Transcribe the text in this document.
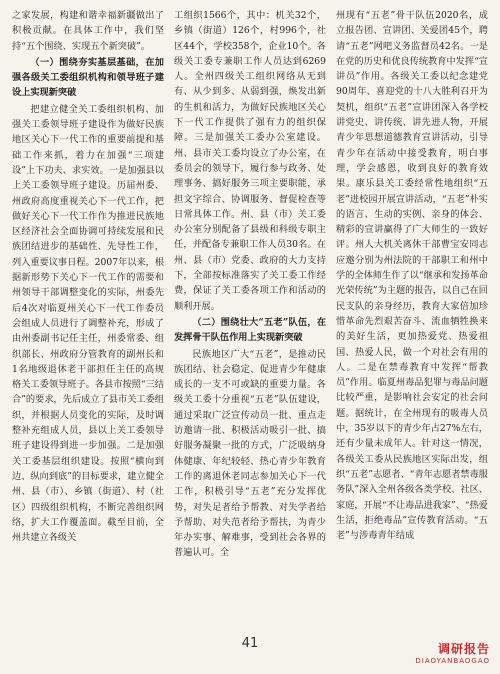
之家发展，构建和谐幸福新疆做出了积极贡献。在具体工作中，我们坚持“五个围绕、实现五个新突破”。

（一）围绕夯实基层基础，在加强各级关工委组织机构和领导班子建设上实现新突破

把建立健全关工委组织机构、加强关工委领导班子建设作为做好民族地区关心下一代工作的重要前提和基础工作来抓，着力在加强“三项建设”上下功夫、求实效。一是加强县以上关工委领导班子建设。历届州委、州政府高度重视关心下一代工作，把做好关心下一代工作作为推进民族地区经济社会全面协调可持续发展和民族团结进步的基础性、先导性工作，列入重要议事日程。2007年以来，根据新形势下关心下一代工作的需要和州领导干部调整变化的实际，州委先后4次对临夏州关心下一代工作委员会组成人员进行了调整补充，形成了由州委副书记任主任，州委常委、组织部长、州政府分管教育的副州长和1名地级退休老干部担任主任的高规格关工委领导班子。各县市按照“三结合”的要求，先后成立了县市关工委组织，并根据人员变化的实际，及时调整补充组成人员，县以上关工委领导班子建设得到进一步加强。二是加强关工委基层组织建设。按照“横向到边、纵向到底”的目标要求，建立健全州、县（市）、乡镇（街道）、村（社区）四级组织机构，不断完善组织网络，扩大工作覆盖面。截至目前，全州共建立各级关

工组织1566个，其中：机关32个，乡镇（街道）126个，村996个，社区44个，学校358个，企业10个。各级关工委专兼职工作人员达到6269人。全州四级关工组织网络从无到有、从少到多、从弱到强，焕发出新的生机和活力，为做好民族地区关心下一代工作提供了强有力的组织保障。三是加强关工委办公室建设。州、县市关工委均设立了办公室，在委员会的领导下，履行参与政务、处理事务、搞好服务三项主要职能，承担文字综合、协调服务、督促检查等日常具体工作。州、县（市）关工委办公室分别配备了县级和科级专职主任，并配备专兼职工作人员30名。在州、县（市）党委、政府的大力支持下，全部按标准落实了关工委工作经费，保证了关工委各项工作和活动的顺利开展。

（二）围绕壮大“五老”队伍，在发挥骨干队伍作用上实现新突破

民族地区广大“五老”，是推动民族团结、社会稳定、促进青少年健康成长的一支不可或缺的重要力量。各级关工委十分重视“五老”队伍建设，通过采取广泛宣传动员一批、重点走访邀请一批、积极活动吸引一批、搞好服务凝聚一批的方式，广泛吸纳身体健康、年纪较轻、热心青少年教育工作的离退休老同志参加关心下一代工作，积极引导“五老”充分发挥优势，对失足者给予帮教、对失学者给予帮助、对失范者给予帮扶，为青少年办实事、解难事，受到社会各界的普遍认可。全

州现有“五老”骨干队伍2020名，成立报告团、宣讲团、关爱团45个，聘请“五老”网吧义务监督员42名。一是在党的历史和优良传统教育中发挥“宣讲员”作用。各级关工委以纪念建党90周年、喜迎党的十八大胜利召开为契机，组织“五老”宣讲团深入各学校讲党史、讲传统、讲先进人物，开展青少年思想道德教育宣讲活动，引导青少年在活动中接受教育，明白事理，学会感恩，收到良好的教育效果。康乐县关工委经常性地组织“五老”进校园开展宣讲活动，“五老”朴实的语言、生动的实例、亲身的体会、精彩的宣讲赢得了广大师生的一致好评。州人大机关离休干部曹宝安同志应邀分别为州法院的干部职工和州中学的全体师生作了以“继承和发扬革命光荣传统”为主题的报告，以自己在回民支队的亲身经历，教育大家倍加珍惜革命先烈艰苦奋斗、流血牺牲换来的美好生活，更加热爱党、热爱祖国、热爱人民，做一个对社会有用的人。二是在禁毒教育中发挥“帮教员”作用。临夏州毒品犯罪与毒品问题比较严重，是影响社会安定的社会问题。据统计，在全州现有的吸毒人员中，35岁以下的青少年占27%左右，还有少量未成年人。针对这一情况，各级关工委从民族地区实际出发，组织“五老”志愿者、“青年志愿者禁毒服务队”深入全州各级各类学校、社区、家庭，开展“不让毒品进我家”、“热爱生活，拒绝毒品”宣传教育活动。“五老”与涉毒青年结成

41	调研报告
DIAOYANBAOGAO
